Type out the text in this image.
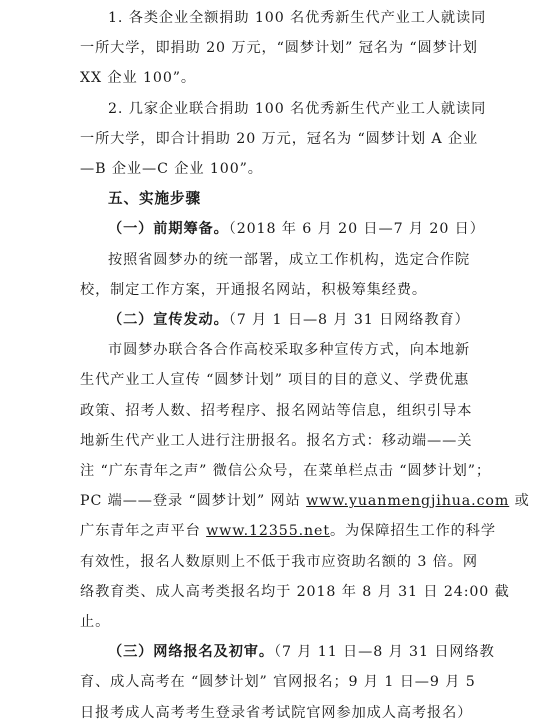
1. 各类企业全额捐助 100 名优秀新生代产业工人就读同
一所大学，即捐助 20 万元，“圆梦计划” 冠名为 “圆梦计划
XX 企业 100”。
2. 几家企业联合捐助 100 名优秀新生代产业工人就读同
一所大学，即合计捐助 20 万元，冠名为 “圆梦计划 A 企业
—B 企业—C 企业 100”。
五、实施步骤
（一）前期筹备。（2018 年 6 月 20 日—7 月 20 日）
按照省圆梦办的统一部署，成立工作机构，选定合作院
校，制定工作方案，开通报名网站，积极筹集经费。
（二）宣传发动。（7 月 1 日—8 月 31 日网络教育）
市圆梦办联合各合作高校采取多种宣传方式，向本地新
生代产业工人宣传 “圆梦计划” 项目的目的意义、学费优惠
政策、招考人数、招考程序、报名网站等信息，组织引导本
地新生代产业工人进行注册报名。报名方式：移动端——关
注 “广东青年之声” 微信公众号，在菜单栏点击 “圆梦计划”；
PC 端——登录 “圆梦计划” 网站 www.yuanmengjihua.com 或
广东青年之声平台 www.12355.net。为保障招生工作的科学
有效性，报名人数原则上不低于我市应资助名额的 3 倍。网
络教育类、成人高考类报名均于 2018 年 8 月 31 日 24:00 截
止。
（三）网络报名及初审。（7 月 11 日—8 月 31 日网络教
育、成人高考在 “圆梦计划” 官网报名；9 月 1 日—9 月 5
日报考成人高考考生登录省考试院官网参加成人高考报名）
